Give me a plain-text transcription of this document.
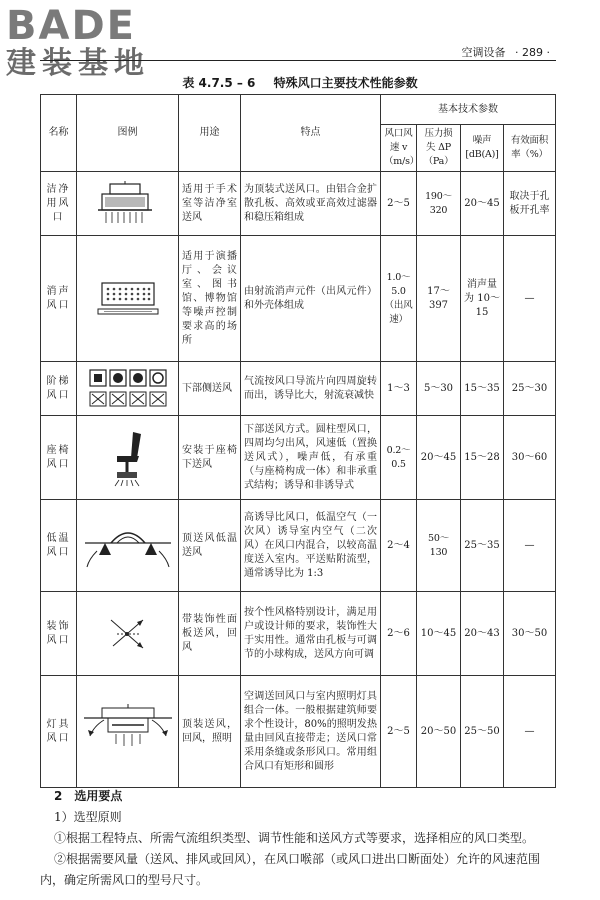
BADE
建装基地	空调设备 · 289 ·
表 4.7.5 – 6 特殊风口主要技术性能参数
名称	图例	用途	特点	基本技术参数			
				风口风速 v（m/s）	压力损失 ΔP（Pa）	噪声 [dB(A)]	有效面积率（%）
洁净用风口		适用于手术室等洁净室送风	为顶装式送风口。由铝合金扩散孔板、高效或亚高效过滤器和稳压箱组成	2～5	190～320	20～45	取决于孔板开孔率
消声风口		适用于演播厅、会议室、图书馆、博物馆等噪声控制要求高的场所	由射流消声元件（出风元件）和外壳体组成	1.0～5.0（出风速）	17～397	消声量为 10～15	—
阶梯风口		下部侧送风	气流按风口导流片向四周旋转而出，诱导比大，射流衰减快	1～3	5～30	15～35	25～30
座椅风口		安装于座椅下送风	下部送风方式。圆柱型风口，四周均匀出风，风速低（置换送风式），噪声低，有承重（与座椅构成一体）和非承重式结构；诱导和非诱导式	0.2～0.5	20～45	15～28	30～60
低温风口		顶送风低温送风	高诱导比风口，低温空气（一次风）诱导室内空气（二次风）在风口内混合，以较高温度送入室内。平送贴附流型，通常诱导比为 1:3	2～4	50～130	25～35	—
装饰风口		带装饰性面板送风，回风	按个性风格特别设计，满足用户或设计师的要求，装饰性大于实用性。通常由孔板与可调节的小球构成，送风方向可调	2～6	10～45	20～43	30～50
灯具风口		顶装送风，回风，照明	空调送回风口与室内照明灯具组合一体。一般根据建筑师要求个性设计，80%的照明发热量由回风直接带走；送风口常采用条缝或条形风口。常用组合风口有矩形和圆形	2～5	20～50	25～50	—

2　选用要点

1）选型原则

①根据工程特点、所需气流组织类型、调节性能和送风方式等要求，选择相应的风口类型。

②根据需要风量（送风、排风或回风），在风口喉部（或风口进出口断面处）允许的风速范围内，确定所需风口的型号尺寸。
